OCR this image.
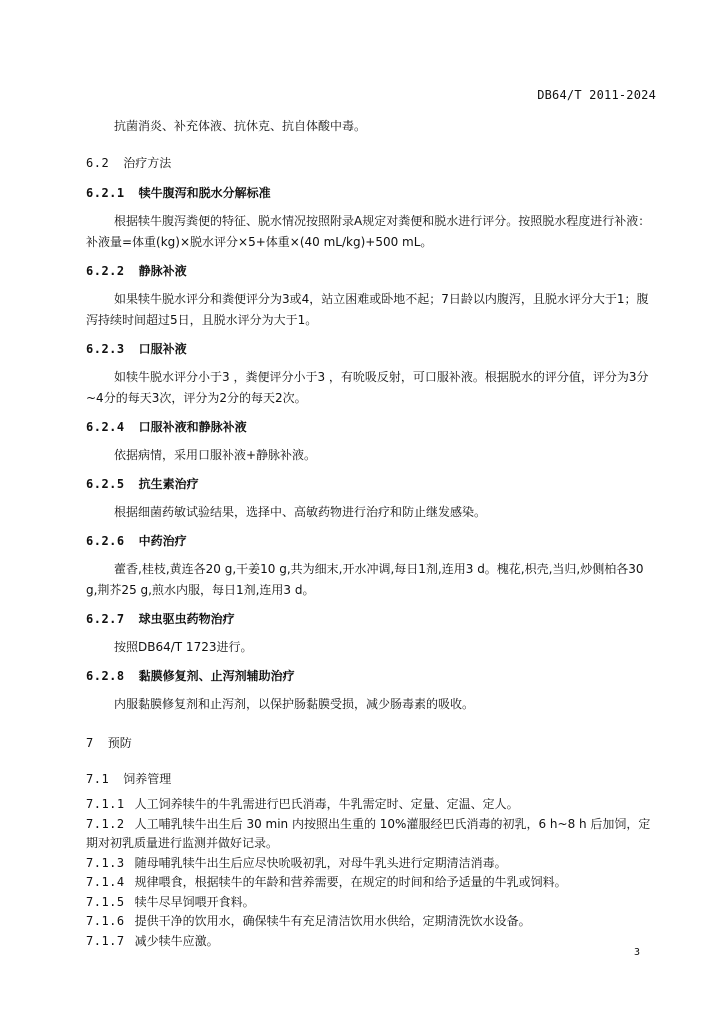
DB64/T 2011-2024

抗菌消炎、补充体液、抗休克、抗自体酸中毒。

6.2 治疗方法
6.2.1 犊牛腹泻和脱水分解标准

根据犊牛腹泻粪便的特征、脱水情况按照附录A规定对粪便和脱水进行评分。按照脱水程度进行补液：补液量=体重(kg)×脱水评分×5+体重×(40 mL/kg)+500 mL。

6.2.2 静脉补液

如果犊牛脱水评分和粪便评分为3或4，站立困难或卧地不起；7日龄以内腹泻，且脱水评分大于1；腹泻持续时间超过5日，且脱水评分为大于1。

6.2.3 口服补液

如犊牛脱水评分小于3 ，粪便评分小于3 ，有吮吸反射，可口服补液。根据脱水的评分值，评分为3分~4分的每天3次，评分为2分的每天2次。

6.2.4 口服补液和静脉补液

依据病情，采用口服补液+静脉补液。

6.2.5 抗生素治疗

根据细菌药敏试验结果，选择中、高敏药物进行治疗和防止继发感染。

6.2.6 中药治疗

藿香,桂枝,黄连各20 g,干姜10 g,共为细末,开水冲调,每日1剂,连用3 d。槐花,枳壳,当归,炒侧柏各30 g,荆芥25 g,煎水内服，每日1剂,连用3 d。

6.2.7 球虫驱虫药物治疗

按照DB64/T 1723进行。

6.2.8 黏膜修复剂、止泻剂辅助治疗

内服黏膜修复剂和止泻剂，以保护肠黏膜受损，减少肠毒素的吸收。

7 预防
7.1 饲养管理

7.1.1 人工饲养犊牛的牛乳需进行巴氏消毒，牛乳需定时、定量、定温、定人。

7.1.2 人工哺乳犊牛出生后 30 min 内按照出生重的 10%灌服经巴氏消毒的初乳，6 h~8 h 后加饲，定期对初乳质量进行监测并做好记录。

7.1.3 随母哺乳犊牛出生后应尽快吮吸初乳，对母牛乳头进行定期清洁消毒。

7.1.4 规律喂食，根据犊牛的年龄和营养需要，在规定的时间和给予适量的牛乳或饲料。

7.1.5 犊牛尽早饲喂开食料。

7.1.6 提供干净的饮用水，确保犊牛有充足清洁饮用水供给，定期清洗饮水设备。

7.1.7 减少犊牛应激。

3
